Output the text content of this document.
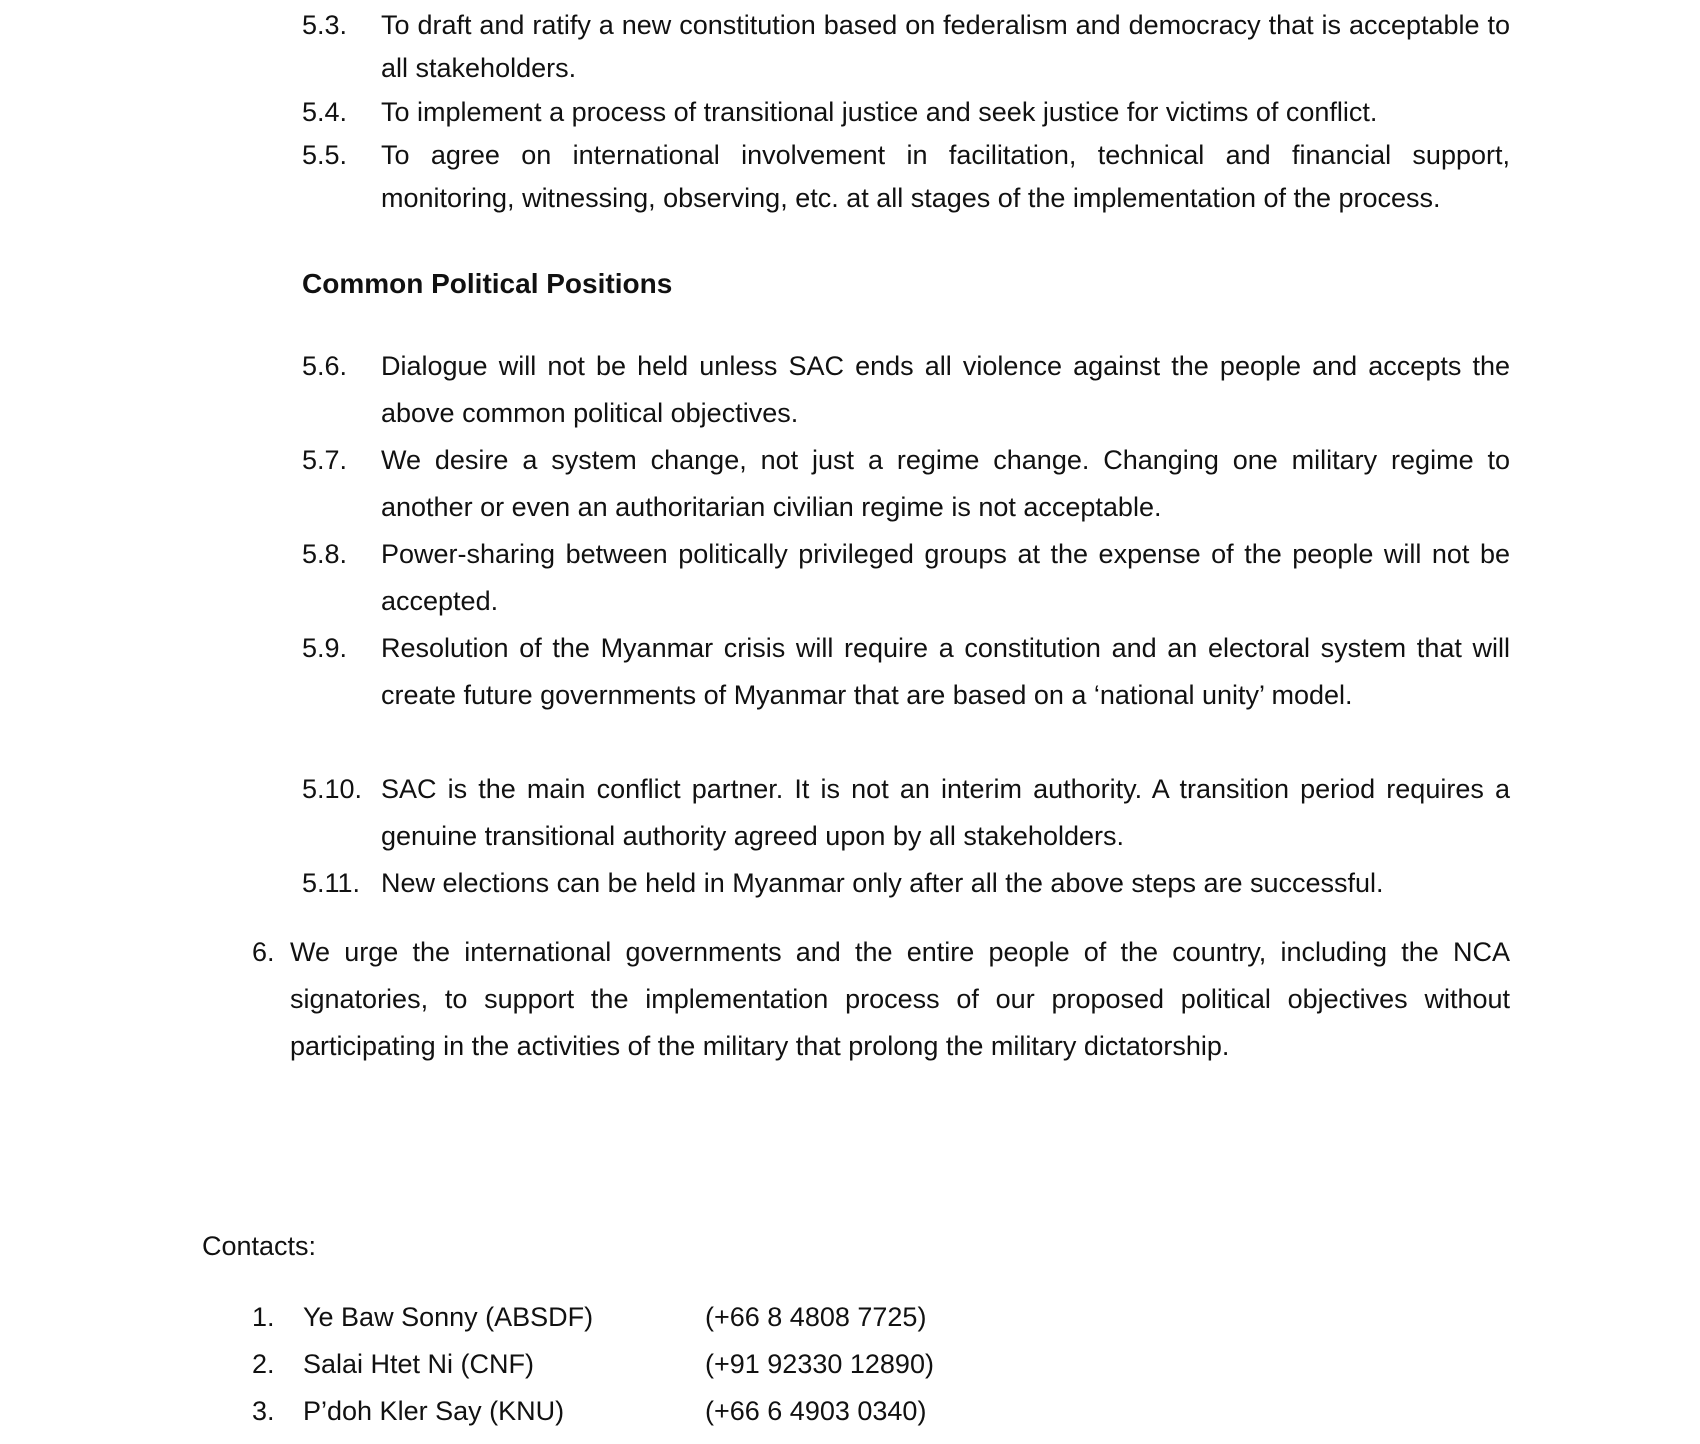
5.3. To draft and ratify a new constitution based on federalism and democracy that is acceptable to all stakeholders.
5.4. To implement a process of transitional justice and seek justice for victims of conflict.
5.5. To agree on international involvement in facilitation, technical and financial support, monitoring, witnessing, observing, etc. at all stages of the implementation of the process.
Common Political Positions
5.6. Dialogue will not be held unless SAC ends all violence against the people and accepts the above common political objectives.
5.7. We desire a system change, not just a regime change. Changing one military regime to another or even an authoritarian civilian regime is not acceptable.
5.8. Power-sharing between politically privileged groups at the expense of the people will not be accepted.
5.9. Resolution of the Myanmar crisis will require a constitution and an electoral system that will create future governments of Myanmar that are based on a ‘national unity’ model.
5.10. SAC is the main conflict partner. It is not an interim authority. A transition period requires a genuine transitional authority agreed upon by all stakeholders.
5.11. New elections can be held in Myanmar only after all the above steps are successful.
6. We urge the international governments and the entire people of the country, including the NCA signatories, to support the implementation process of our proposed political objectives without participating in the activities of the military that prolong the military dictatorship.
Contacts:
1. Ye Baw Sonny (ABSDF)	(+66 8 4808 7725)
2. Salai Htet Ni (CNF)	(+91 92330 12890)
3. P’doh Kler Say (KNU)	(+66 6 4903 0340)
